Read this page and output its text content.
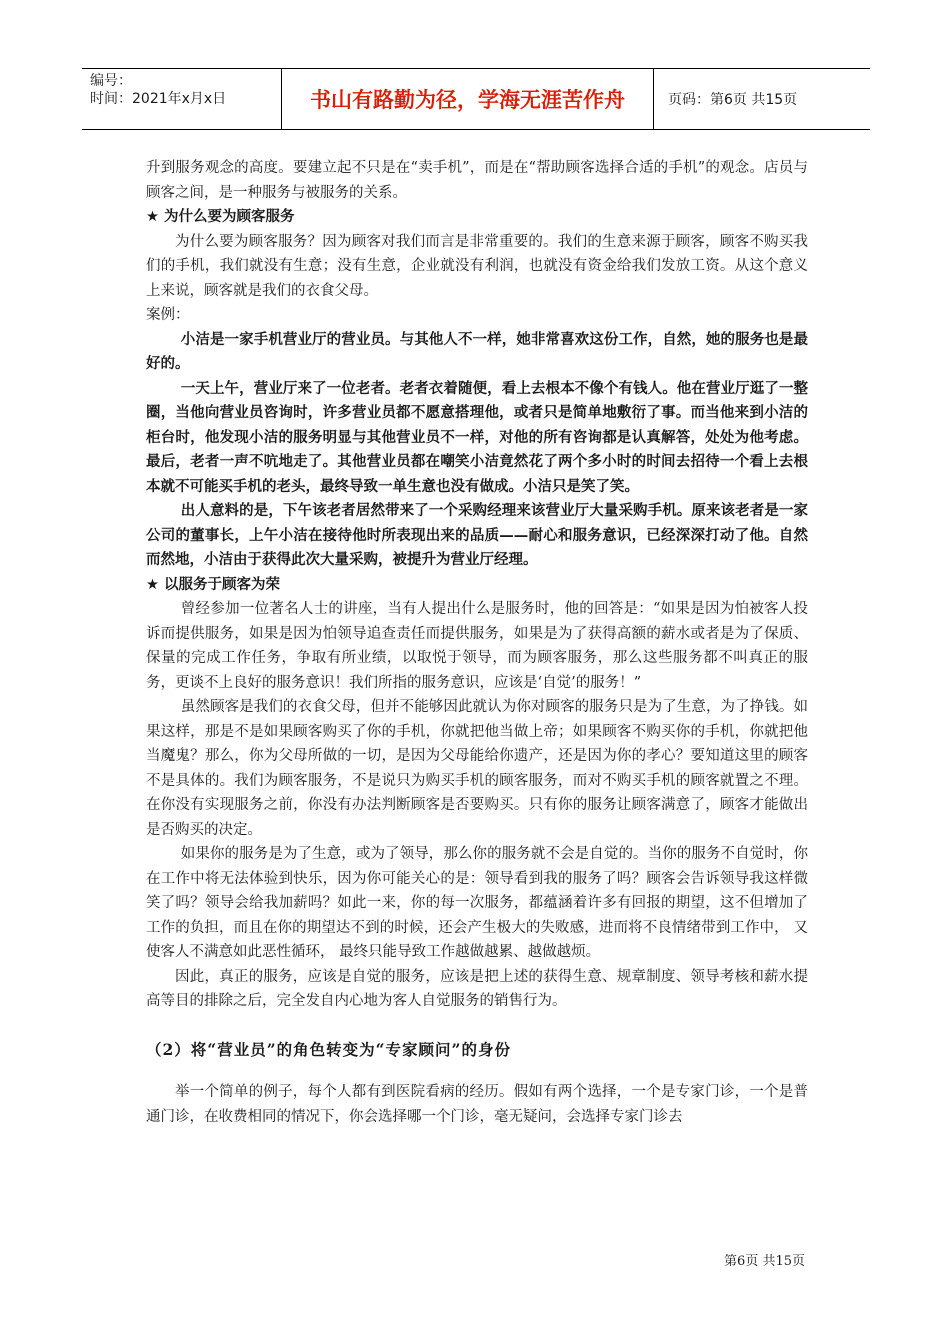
编号：
时间：2021年x月x日	书山有路勤为径，学海无涯苦作舟	页码：第6页 共15页

升到服务观念的高度。要建立起不只是在“卖手机”，而是在“帮助顾客选择合适的手机”的观念。店员与顾客之间，是一种服务与被服务的关系。

★ 为什么要为顾客服务

为什么要为顾客服务？因为顾客对我们而言是非常重要的。我们的生意来源于顾客，顾客不购买我们的手机，我们就没有生意；没有生意，企业就没有利润，也就没有资金给我们发放工资。从这个意义上来说，顾客就是我们的衣食父母。

案例：

小洁是一家手机营业厅的营业员。与其他人不一样，她非常喜欢这份工作，自然，她的服务也是最好的。

一天上午，营业厅来了一位老者。老者衣着随便，看上去根本不像个有钱人。他在营业厅逛了一整圈，当他向营业员咨询时，许多营业员都不愿意搭理他，或者只是简单地敷衍了事。而当他来到小洁的柜台时，他发现小洁的服务明显与其他营业员不一样，对他的所有咨询都是认真解答，处处为他考虑。最后，老者一声不吭地走了。其他营业员都在嘲笑小洁竟然花了两个多小时的时间去招待一个看上去根本就不可能买手机的老头，最终导致一单生意也没有做成。小洁只是笑了笑。

出人意料的是，下午该老者居然带来了一个采购经理来该营业厅大量采购手机。原来该老者是一家公司的董事长，上午小洁在接待他时所表现出来的品质——耐心和服务意识，已经深深打动了他。自然而然地，小洁由于获得此次大量采购，被提升为营业厅经理。

★ 以服务于顾客为荣

曾经参加一位著名人士的讲座，当有人提出什么是服务时，他的回答是：“如果是因为怕被客人投诉而提供服务，如果是因为怕领导追查责任而提供服务，如果是为了获得高额的薪水或者是为了保质、保量的完成工作任务，争取有所业绩，以取悦于领导，而为顾客服务，那么这些服务都不叫真正的服务，更谈不上良好的服务意识！我们所指的服务意识，应该是‘自觉’的服务！”

虽然顾客是我们的衣食父母，但并不能够因此就认为你对顾客的服务只是为了生意，为了挣钱。如果这样，那是不是如果顾客购买了你的手机，你就把他当做上帝；如果顾客不购买你的手机，你就把他当魔鬼？那么，你为父母所做的一切，是因为父母能给你遗产，还是因为你的孝心？要知道这里的顾客不是具体的。我们为顾客服务，不是说只为购买手机的顾客服务，而对不购买手机的顾客就置之不理。在你没有实现服务之前，你没有办法判断顾客是否要购买。只有你的服务让顾客满意了，顾客才能做出是否购买的决定。

如果你的服务是为了生意，或为了领导，那么你的服务就不会是自觉的。当你的服务不自觉时，你在工作中将无法体验到快乐，因为你可能关心的是：领导看到我的服务了吗？顾客会告诉领导我这样微笑了吗？领导会给我加薪吗？如此一来，你的每一次服务，都蕴涵着许多有回报的期望，这不但增加了工作的负担，而且在你的期望达不到的时候，还会产生极大的失败感，进而将不良情绪带到工作中， 又使客人不满意如此恶性循环， 最终只能导致工作越做越累、越做越烦。

因此，真正的服务，应该是自觉的服务，应该是把上述的获得生意、规章制度、领导考核和薪水提高等目的排除之后，完全发自内心地为客人自觉服务的销售行为。

（2）将“营业员”的角色转变为“专家顾问”的身份

举一个简单的例子，每个人都有到医院看病的经历。假如有两个选择，一个是专家门诊，一个是普通门诊，在收费相同的情况下，你会选择哪一个门诊，毫无疑问，会选择专家门诊去

第6页 共15页
